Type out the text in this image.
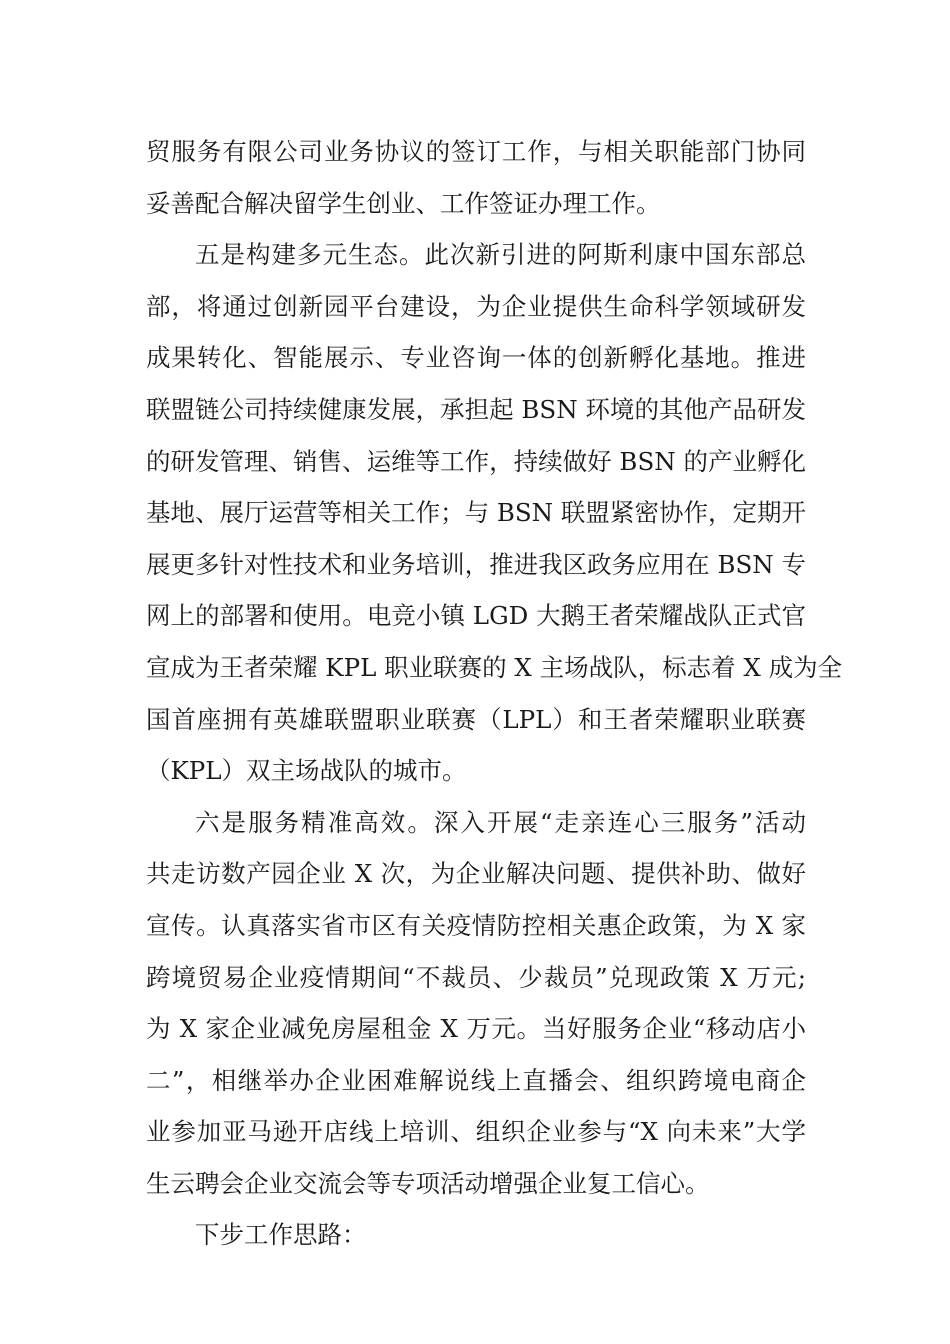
贸服务有限公司业务协议的签订工作，与相关职能部门协同
妥善配合解决留学生创业、工作签证办理工作。
五是构建多元生态。此次新引进的阿斯利康中国东部总
部，将通过创新园平台建设，为企业提供生命科学领域研发
成果转化、智能展示、专业咨询一体的创新孵化基地。推进
联盟链公司持续健康发展，承担起 BSN 环境的其他产品研发
的研发管理、销售、运维等工作，持续做好 BSN 的产业孵化
基地、展厅运营等相关工作；与 BSN 联盟紧密协作，定期开
展更多针对性技术和业务培训，推进我区政务应用在 BSN 专
网上的部署和使用。电竞小镇 LGD 大鹅王者荣耀战队正式官
宣成为王者荣耀 KPL 职业联赛的 X 主场战队，标志着 X 成为全
国首座拥有英雄联盟职业联赛（LPL）和王者荣耀职业联赛
（KPL）双主场战队的城市。
六是服务精准高效。深入开展“走亲连心三服务”活动
共走访数产园企业 X 次，为企业解决问题、提供补助、做好
宣传。认真落实省市区有关疫情防控相关惠企政策，为 X 家
跨境贸易企业疫情期间“不裁员、少裁员”兑现政策 X 万元;
为 X 家企业减免房屋租金 X 万元。当好服务企业“移动店小
二”，相继举办企业困难解说线上直播会、组织跨境电商企
业参加亚马逊开店线上培训、组织企业参与“X 向未来”大学
生云聘会企业交流会等专项活动增强企业复工信心。
下步工作思路：
